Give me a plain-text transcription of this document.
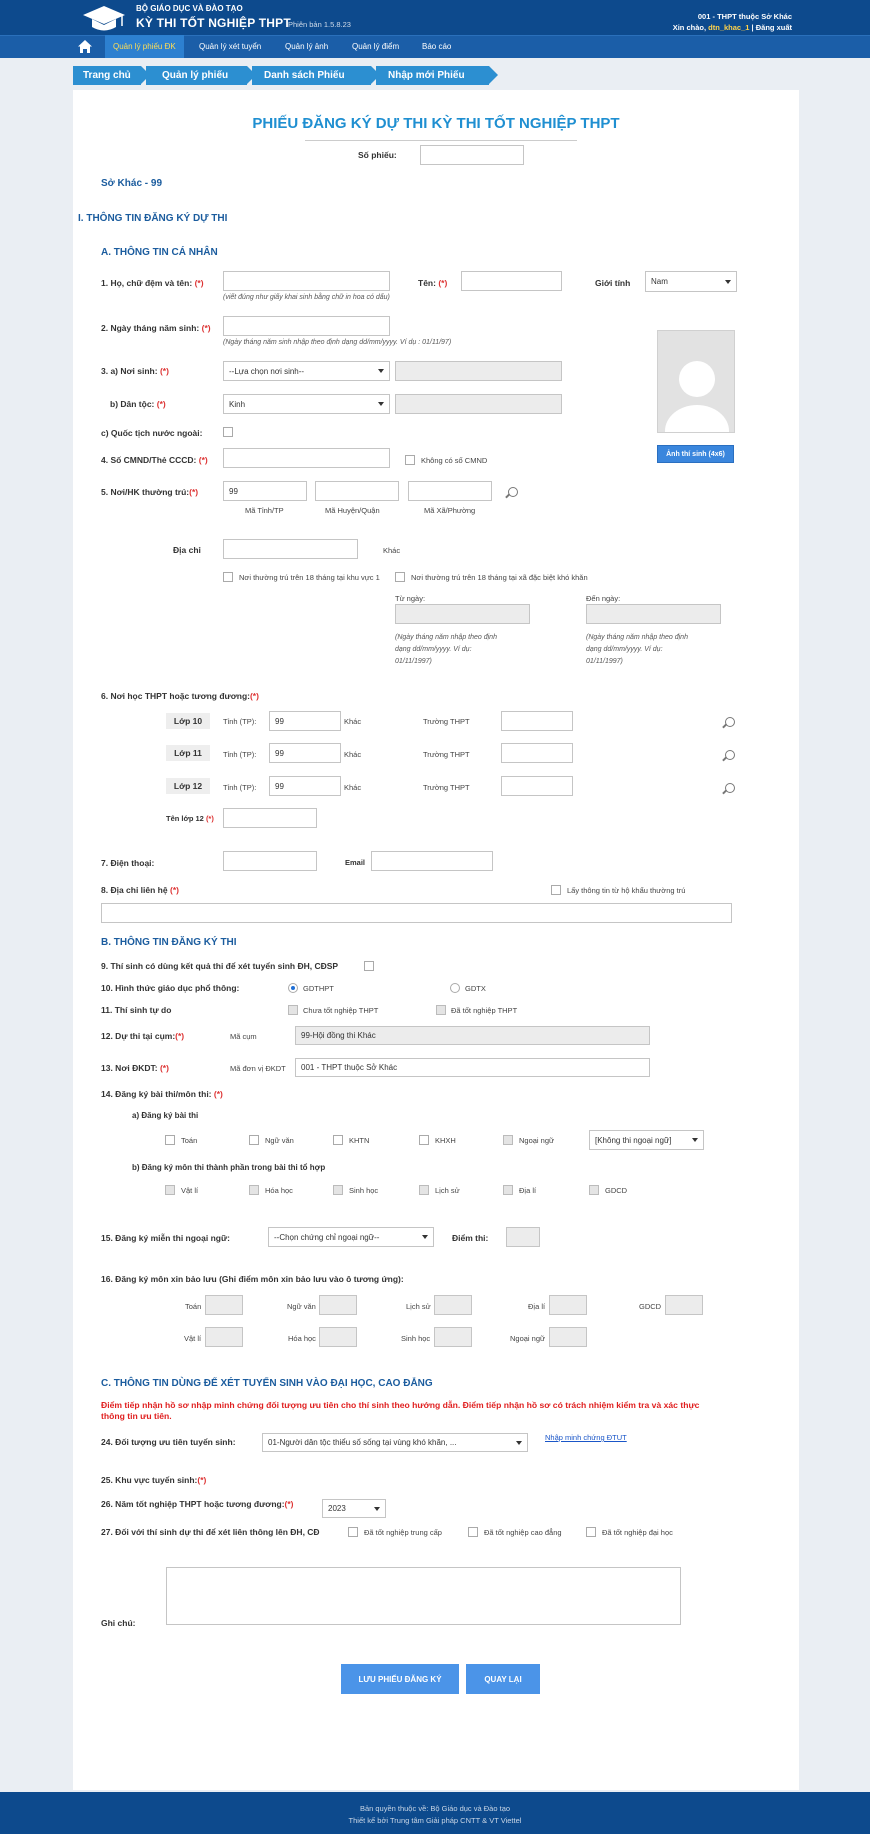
BỘ GIÁO DỤC VÀ ĐÀO TẠO
KỲ THI TỐT NGHIỆP THPT
Phiên bản 1.5.8.23
001 - THPT thuộc Sở Khác
Xin chào, dtn_khac_1 | Đăng xuất
Quản lý phiếu ĐK	Quản lý xét tuyển	Quản lý ảnh	Quản lý điểm	Báo cáo
Trang chủ	Quản lý phiếu	Danh sách Phiếu	Nhập mới Phiếu
PHIẾU ĐĂNG KÝ DỰ THI KỲ THI TỐT NGHIỆP THPT
Số phiếu:
Sở Khác - 99
I. THÔNG TIN ĐĂNG KÝ DỰ THI
A. THÔNG TIN CÁ NHÂN
1. Họ, chữ đệm và tên: (*)
(viết đúng như giấy khai sinh bằng chữ in hoa có dấu)
Tên: (*)	Giới tính	Nam
2. Ngày tháng năm sinh: (*)
(Ngày tháng năm sinh nhập theo định dạng dd/mm/yyyy. Ví dụ : 01/11/97)
Ảnh thí sinh (4x6)
3. a) Nơi sinh: (*)	--Lựa chọn nơi sinh--
b) Dân tộc: (*)	Kinh
c) Quốc tịch nước ngoài:
4. Số CMND/Thẻ CCCD: (*)	Không có số CMND
5. Nơi/HK thường trú:(*)	99
Mã Tỉnh/TP	Mã Huyện/Quận	Mã Xã/Phường
Địa chỉ	Khác
Nơi thường trú trên 18 tháng tại khu vực 1	Nơi thường trú trên 18 tháng tại xã đặc biệt khó khăn
Từ ngày:	Đến ngày:
(Ngày tháng năm nhập theo định
dạng dd/mm/yyyy. Ví dụ:
01/11/1997)
(Ngày tháng năm nhập theo định
dạng dd/mm/yyyy. Ví dụ:
01/11/1997)
6. Nơi học THPT hoặc tương đương:(*)
Lớp 10	Tỉnh (TP):	99	Khác	Trường THPT
Lớp 11	Tỉnh (TP):	99	Khác	Trường THPT
Lớp 12	Tỉnh (TP):	99	Khác	Trường THPT
Tên lớp 12 (*)
7. Điện thoại:	Email
8. Địa chỉ liên hệ (*)	Lấy thông tin từ hộ khẩu thường trú
B. THÔNG TIN ĐĂNG KÝ THI
9. Thí sinh có dùng kết quả thi để xét tuyển sinh ĐH, CĐSP
10. Hình thức giáo dục phổ thông:	GDTHPT	GDTX
11. Thí sinh tự do	Chưa tốt nghiệp THPT	Đã tốt nghiệp THPT
12. Dự thi tại cụm:(*)	Mã cụm	99-Hội đồng thi Khác
13. Nơi ĐKDT: (*)	Mã đơn vị ĐKDT	001 - THPT thuộc Sở Khác
14. Đăng ký bài thi/môn thi: (*)
a) Đăng ký bài thi
Toán	Ngữ văn	KHTN	KHXH	Ngoại ngữ	[Không thi ngoại ngữ]
b) Đăng ký môn thi thành phần trong bài thi tổ hợp
Vật lí	Hóa học	Sinh học	Lịch sử	Địa lí	GDCD
15. Đăng ký miễn thi ngoại ngữ:	--Chọn chứng chỉ ngoại ngữ--	Điểm thi:
16. Đăng ký môn xin bảo lưu (Ghi điểm môn xin bảo lưu vào ô tương ứng):
Toán	Ngữ văn	Lịch sử	Địa lí	GDCD
Vật lí	Hóa học	Sinh học	Ngoại ngữ
C. THÔNG TIN DÙNG ĐỂ XÉT TUYỂN SINH VÀO ĐẠI HỌC, CAO ĐẲNG
Điểm tiếp nhận hồ sơ nhập minh chứng đối tượng ưu tiên cho thí sinh theo hướng dẫn. Điểm tiếp nhận hồ sơ có trách nhiệm kiểm tra và xác thực
thông tin ưu tiên.
24. Đối tượng ưu tiên tuyển sinh:	01-Người dân tộc thiểu số sống tại vùng khó khăn, ...
Nhập minh chứng ĐTUT
25. Khu vực tuyển sinh:(*)
26. Năm tốt nghiệp THPT hoặc tương đương:(*)	2023
27. Đối với thí sinh dự thi để xét liên thông lên ĐH, CĐ	Đã tốt nghiệp trung cấp	Đã tốt nghiệp cao đẳng	Đã tốt nghiệp đại học
Ghi chú:
LƯU PHIẾU ĐĂNG KÝ	QUAY LẠI
Bản quyền thuộc về: Bộ Giáo dục và Đào tạo
Thiết kế bởi Trung tâm Giải pháp CNTT & VT Viettel
